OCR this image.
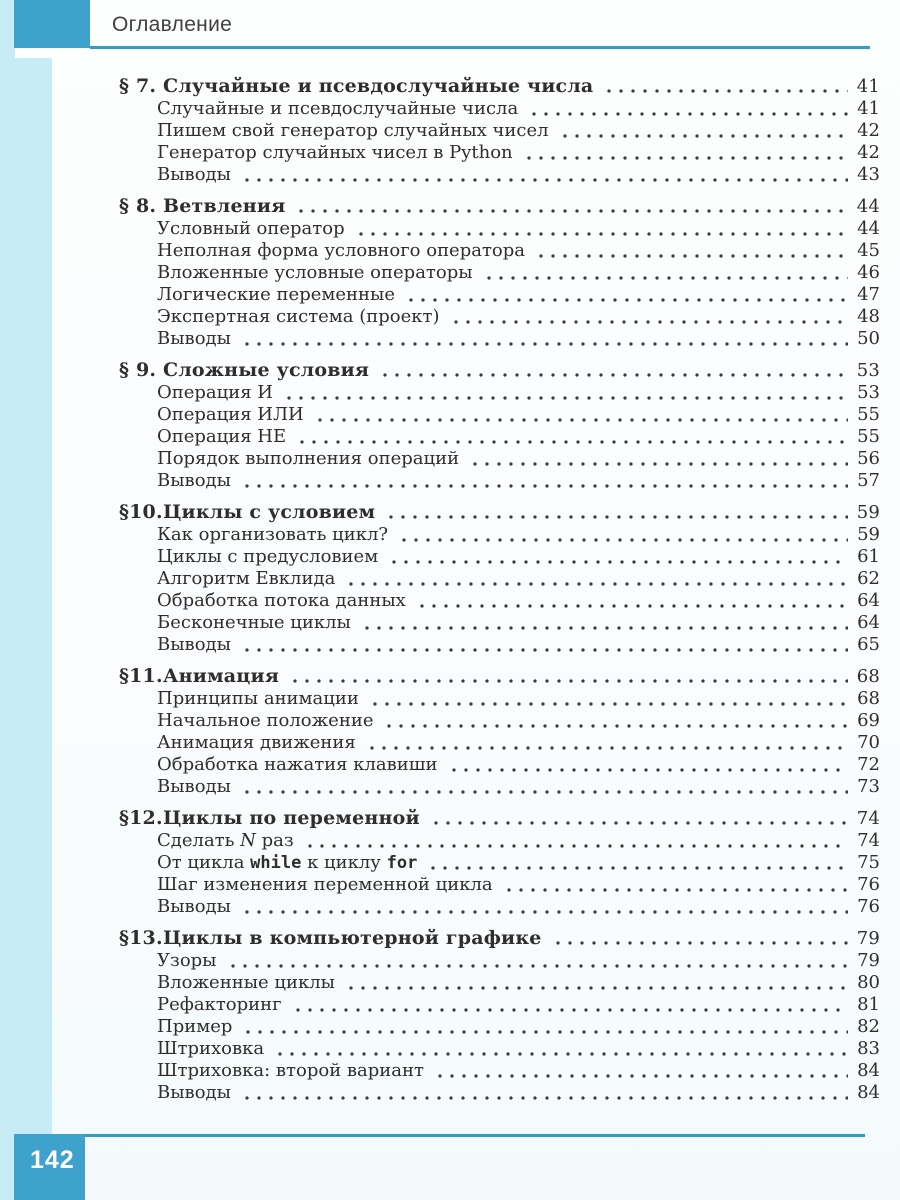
Оглавление
§ 7. Случайные и псевдослучайные числа	41
Случайные и псевдослучайные числа	41
Пишем свой генератор случайных чисел	42
Генератор случайных чисел в Python	42
Выводы	43
§ 8. Ветвления	44
Условный оператор	44
Неполная форма условного оператора	45
Вложенные условные операторы	46
Логические переменные	47
Экспертная система (проект)	48
Выводы	50
§ 9. Сложные условия	53
Операция И	53
Операция ИЛИ	55
Операция НЕ	55
Порядок выполнения операций	56
Выводы	57
§10. Циклы с условием	59
Как организовать цикл?	59
Циклы с предусловием	61
Алгоритм Евклида	62
Обработка потока данных	64
Бесконечные циклы	64
Выводы	65
§11. Анимация	68
Принципы анимации	68
Начальное положение	69
Анимация движения	70
Обработка нажатия клавиши	72
Выводы	73
§12. Циклы по переменной	74
Сделать N раз	74
От цикла while к циклу for	75
Шаг изменения переменной цикла	76
Выводы	76
§13. Циклы в компьютерной графике	79
Узоры	79
Вложенные циклы	80
Рефакторинг	81
Пример	82
Штриховка	83
Штриховка: второй вариант	84
Выводы	84
142
